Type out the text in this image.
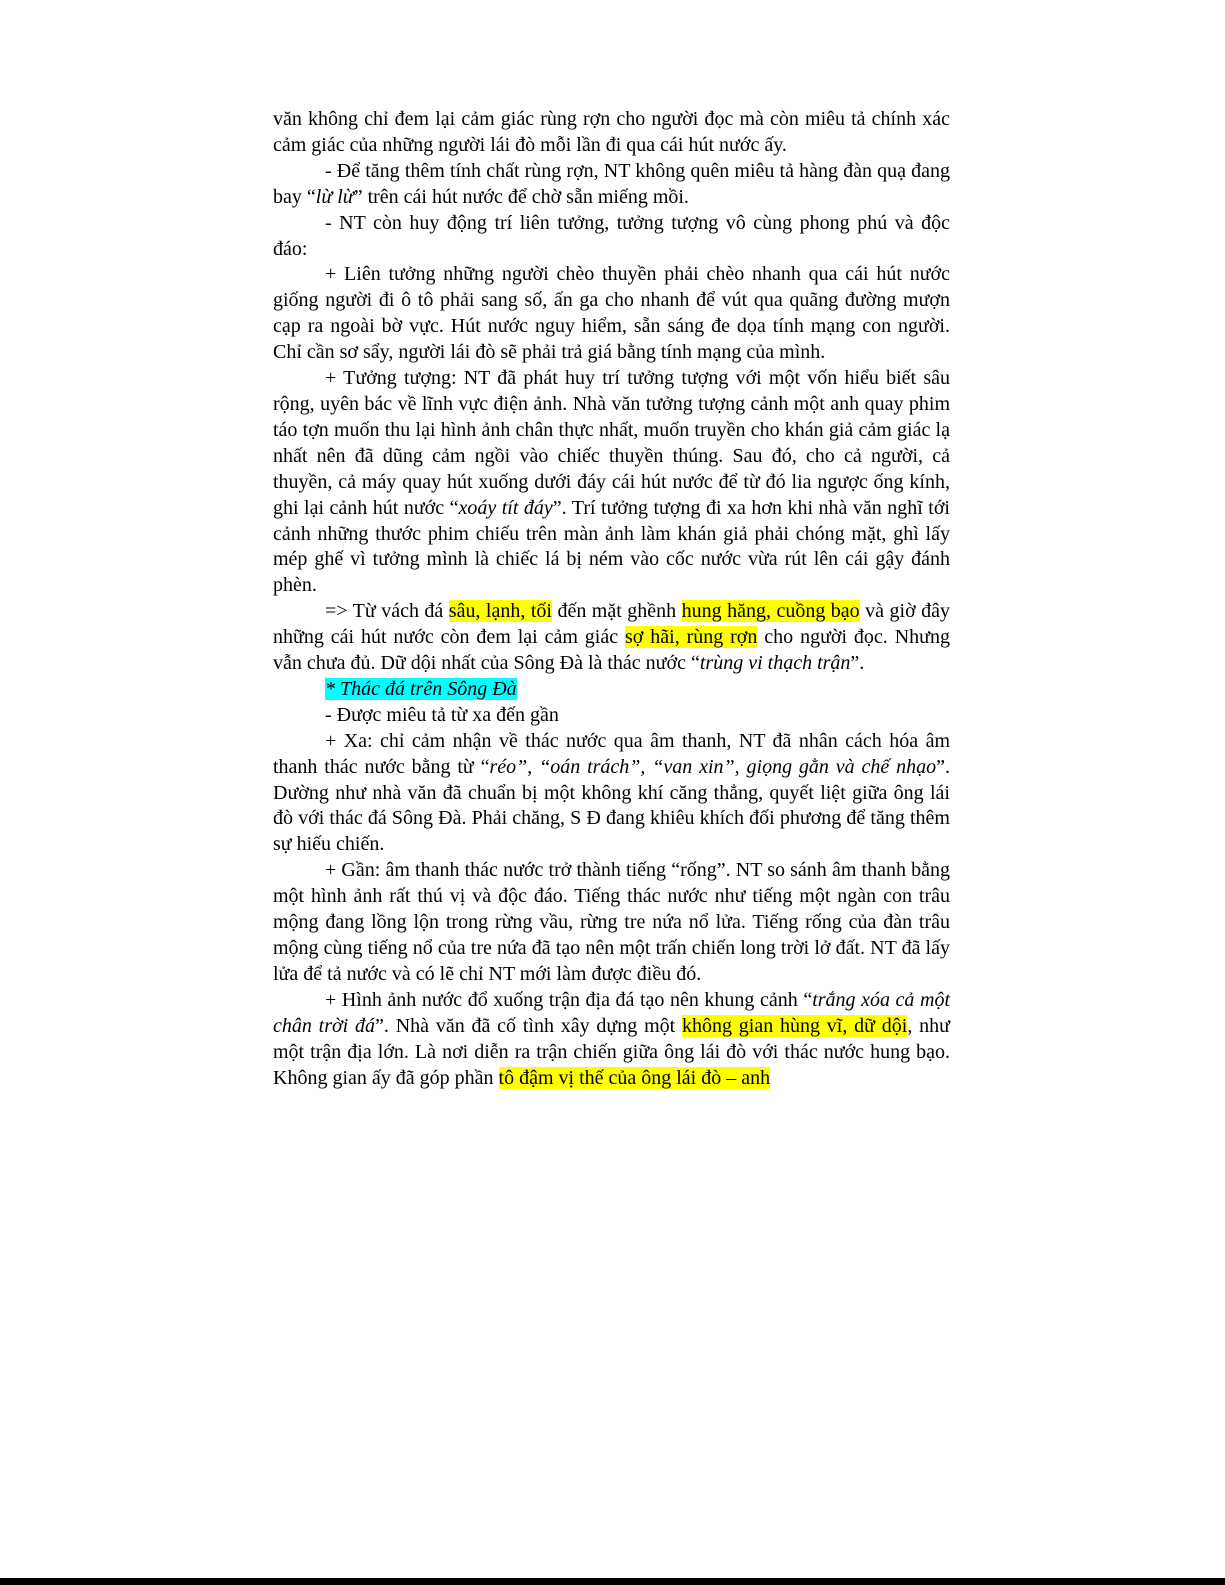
văn không chỉ đem lại cảm giác rùng rợn cho người đọc mà còn miêu tả chính xác cảm giác của những người lái đò mỗi lần đi qua cái hút nước ấy.

- Để tăng thêm tính chất rùng rợn, NT không quên miêu tả hàng đàn quạ đang bay “lừ lừ” trên cái hút nước để chờ sẵn miếng mồi.

- NT còn huy động trí liên tưởng, tưởng tượng vô cùng phong phú và độc đáo:

+ Liên tưởng những người chèo thuyền phải chèo nhanh qua cái hút nước giống người đi ô tô phải sang số, ấn ga cho nhanh để vút qua quãng đường mượn cạp ra ngoài bờ vực. Hút nước nguy hiểm, sẵn sáng đe dọa tính mạng con người. Chỉ cần sơ sẩy, người lái đò sẽ phải trả giá bằng tính mạng của mình.

+ Tưởng tượng: NT đã phát huy trí tưởng tượng với một vốn hiểu biết sâu rộng, uyên bác về lĩnh vực điện ảnh. Nhà văn tưởng tượng cảnh một anh quay phim táo tợn muốn thu lại hình ảnh chân thực nhất, muốn truyền cho khán giả cảm giác lạ nhất nên đã dũng cảm ngồi vào chiếc thuyền thúng. Sau đó, cho cả người, cả thuyền, cả máy quay hút xuống dưới đáy cái hút nước để từ đó lia ngược ống kính, ghi lại cảnh hút nước “xoáy tít đáy”. Trí tưởng tượng đi xa hơn khi nhà văn nghĩ tới cảnh những thước phim chiếu trên màn ảnh làm khán giả phải chóng mặt, ghì lấy mép ghế vì tưởng mình là chiếc lá bị ném vào cốc nước vừa rút lên cái gậy đánh phèn.

=> Từ vách đá sâu, lạnh, tối đến mặt ghềnh hung hăng, cuồng bạo và giờ đây những cái hút nước còn đem lại cảm giác sợ hãi, rùng rợn cho người đọc. Nhưng vẫn chưa đủ. Dữ dội nhất của Sông Đà là thác nước “trùng vi thạch trận”.

* Thác đá trên Sông Đà

- Được miêu tả từ xa đến gần

+ Xa: chỉ cảm nhận về thác nước qua âm thanh, NT đã nhân cách hóa âm thanh thác nước bằng từ “réo”, “oán trách”, “van xin”, giọng gằn và chế nhạo”. Dường như nhà văn đã chuẩn bị một không khí căng thẳng, quyết liệt giữa ông lái đò với thác đá Sông Đà. Phải chăng, S Đ đang khiêu khích đối phương để tăng thêm sự hiếu chiến.

+ Gần: âm thanh thác nước trở thành tiếng “rống”. NT so sánh âm thanh bằng một hình ảnh rất thú vị và độc đáo. Tiếng thác nước như tiếng một ngàn con trâu mộng đang lồng lộn trong rừng vầu, rừng tre nứa nổ lửa. Tiếng rống của đàn trâu mộng cùng tiếng nổ của tre nứa đã tạo nên một trấn chiến long trời lở đất. NT đã lấy lửa để tả nước và có lẽ chỉ NT mới làm được điều đó.

+ Hình ảnh nước đổ xuống trận địa đá tạo nên khung cảnh “trắng xóa cả một chân trời đá”. Nhà văn đã cố tình xây dựng một không gian hùng vĩ, dữ dội, như một trận địa lớn. Là nơi diễn ra trận chiến giữa ông lái đò với thác nước hung bạo. Không gian ấy đã góp phần tô đậm vị thế của ông lái đò – anh
